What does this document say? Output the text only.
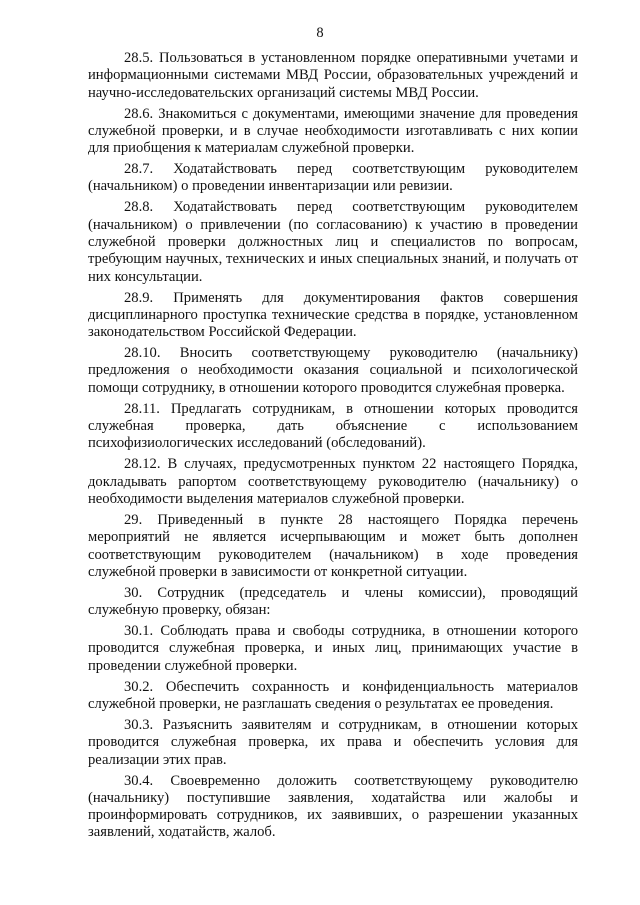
8

28.5. Пользоваться в установленном порядке оперативными учетами и информационными системами МВД России, образовательных учреждений и научно-исследовательских организаций системы МВД России.

28.6. Знакомиться с документами, имеющими значение для проведения служебной проверки, и в случае необходимости изготавливать с них копии для приобщения к материалам служебной проверки.

28.7. Ходатайствовать перед соответствующим руководителем (начальником) о проведении инвентаризации или ревизии.

28.8. Ходатайствовать перед соответствующим руководителем (начальником) о привлечении (по согласованию) к участию в проведении служебной проверки должностных лиц и специалистов по вопросам, требующим научных, технических и иных специальных знаний, и получать от них консультации.

28.9. Применять для документирования фактов совершения дисциплинарного проступка технические средства в порядке, установленном законодательством Российской Федерации.

28.10. Вносить соответствующему руководителю (начальнику) предложения о необходимости оказания социальной и психологической помощи сотруднику, в отношении которого проводится служебная проверка.

28.11. Предлагать сотрудникам, в отношении которых проводится служебная проверка, дать объяснение с использованием психофизиологических исследований (обследований).

28.12. В случаях, предусмотренных пунктом 22 настоящего Порядка, докладывать рапортом соответствующему руководителю (начальнику) о необходимости выделения материалов служебной проверки.

29. Приведенный в пункте 28 настоящего Порядка перечень мероприятий не является исчерпывающим и может быть дополнен соответствующим руководителем (начальником) в ходе проведения служебной проверки в зависимости от конкретной ситуации.

30. Сотрудник (председатель и члены комиссии), проводящий служебную проверку, обязан:

30.1. Соблюдать права и свободы сотрудника, в отношении которого проводится служебная проверка, и иных лиц, принимающих участие в проведении служебной проверки.

30.2. Обеспечить сохранность и конфиденциальность материалов служебной проверки, не разглашать сведения о результатах ее проведения.

30.3. Разъяснить заявителям и сотрудникам, в отношении которых проводится служебная проверка, их права и обеспечить условия для реализации этих прав.

30.4. Своевременно доложить соответствующему руководителю (начальнику) поступившие заявления, ходатайства или жалобы и проинформировать сотрудников, их заявивших, о разрешении указанных заявлений, ходатайств, жалоб.
